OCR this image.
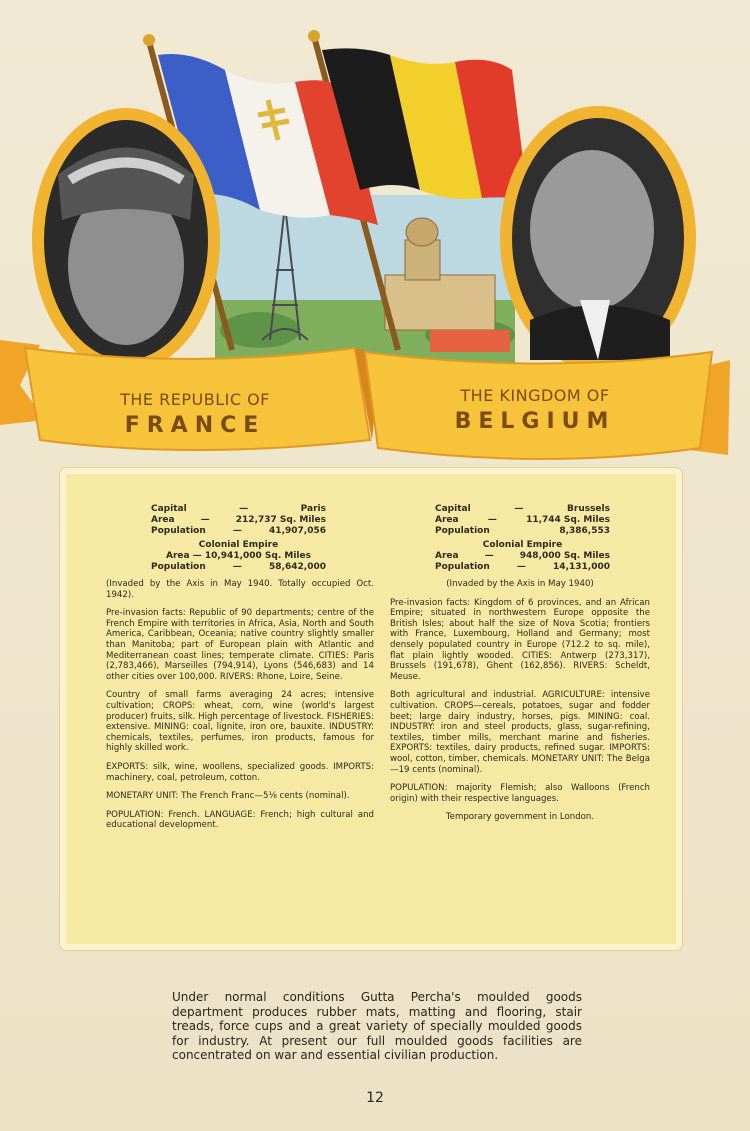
THE REPUBLIC OF
FRANCE
THE KINGDOM OF
BELGIUM
Capital	—	Paris
Area	—	212,737 Sq. Miles
Population	—	41,907,056
Colonial Empire
Area — 10,941,000 Sq. Miles
Population	—	58,642,000

(Invaded by the Axis in May 1940. Totally occupied Oct. 1942).

Pre-invasion facts: Republic of 90 departments; centre of the French Empire with territories in Africa, Asia, North and South America, Caribbean, Oceania; native country slightly smaller than Manitoba; part of European plain with Atlantic and Mediterranean coast lines; temperate climate. CITIES: Paris (2,783,466), Marseilles (794,914), Lyons (546,683) and 14 other cities over 100,000. RIVERS: Rhone, Loire, Seine.

Country of small farms averaging 24 acres; intensive cultivation; CROPS: wheat, corn, wine (world's largest producer) fruits, silk. High percentage of livestock. FISHERIES: extensive. MINING: coal, lignite, iron ore, bauxite. INDUSTRY: chemicals, textiles, perfumes, iron products, famous for highly skilled work.

EXPORTS: silk, wine, woollens, specialized goods. IMPORTS: machinery, coal, petroleum, cotton.

MONETARY UNIT: The French Franc—5⅛ cents (nominal).

POPULATION: French. LANGUAGE: French; high cultural and educational development.

Capital	—	Brussels
Area	—	11,744 Sq. Miles
Population	8,386,553
Colonial Empire
Area	—	948,000 Sq. Miles
Population	—	14,131,000

(Invaded by the Axis in May 1940)

Pre-invasion facts: Kingdom of 6 provinces, and an African Empire; situated in northwestern Europe opposite the British Isles; about half the size of Nova Scotia; frontiers with France, Luxembourg, Holland and Germany; most densely populated country in Europe (712.2 to sq. mile), flat plain lightly wooded. CITIES: Antwerp (273,317), Brussels (191,678), Ghent (162,856). RIVERS: Scheldt, Meuse.

Both agricultural and industrial. AGRICULTURE: intensive cultivation. CROPS—cereals, potatoes, sugar and fodder beet; large dairy industry, horses, pigs. MINING: coal. INDUSTRY: iron and steel products, glass, sugar-refining, textiles, timber mills, merchant marine and fisheries. EXPORTS: textiles, dairy products, refined sugar. IMPORTS: wool, cotton, timber, chemicals. MONETARY UNIT: The Belga—19 cents (nominal).

POPULATION: majority Flemish; also Walloons (French origin) with their respective languages.

Temporary government in London.

Under normal conditions Gutta Percha's moulded goods department produces rubber mats, matting and flooring, stair treads, force cups and a great variety of specially moulded goods for industry. At present our full moulded goods facilities are concentrated on war and essential civilian production.
12
